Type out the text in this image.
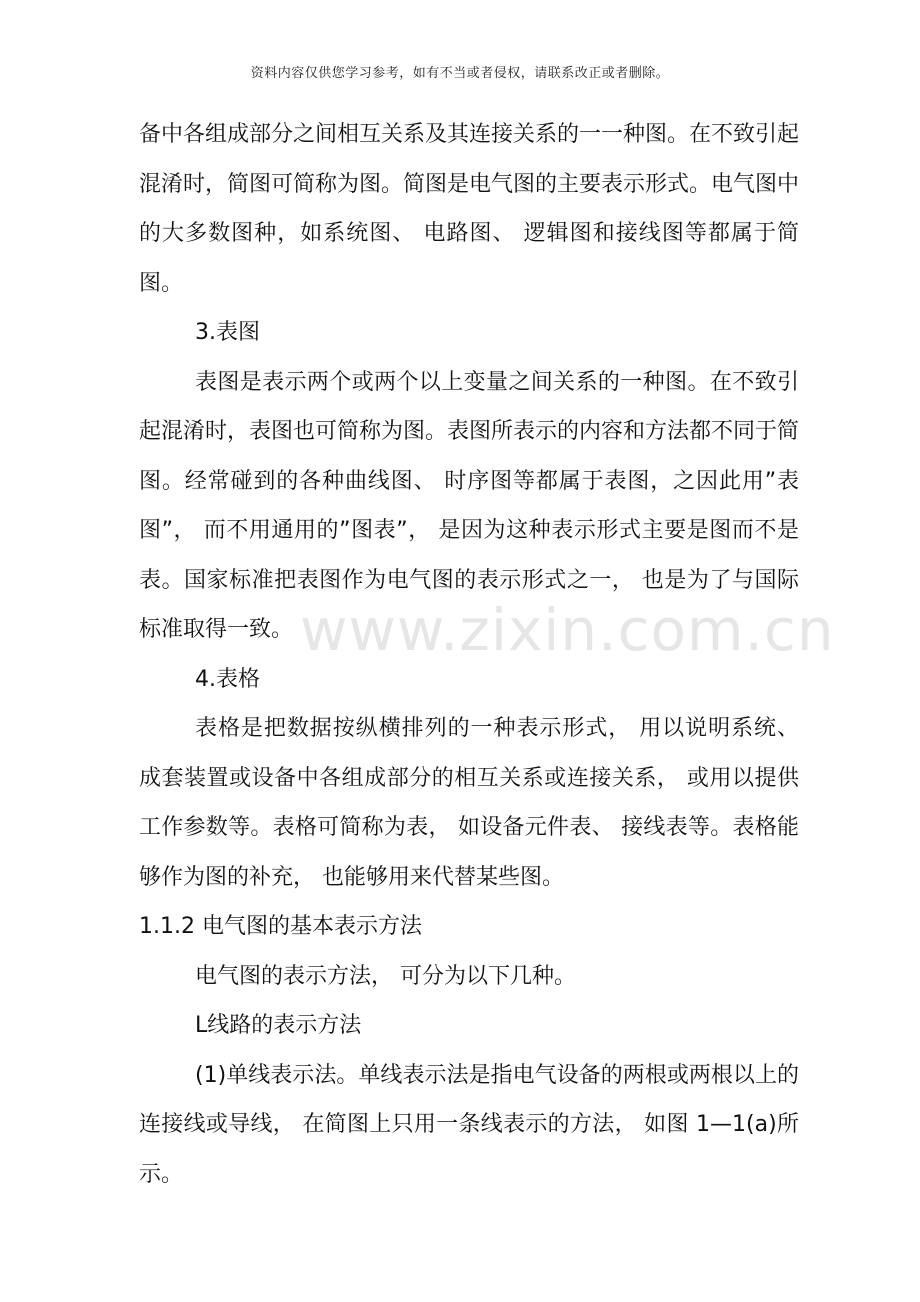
资料内容仅供您学习参考，如有不当或者侵权，请联系改正或者删除。

备中各组成部分之间相互关系及其连接关系的一一种图。在不致引起混淆时，简图可简称为图。简图是电气图的主要表示形式。电气图中的大多数图种，如系统图、 电路图、 逻辑图和接线图等都属于简图。

3.表图

表图是表示两个或两个以上变量之间关系的一种图。在不致引起混淆时，表图也可简称为图。表图所表示的内容和方法都不同于简图。经常碰到的各种曲线图、 时序图等都属于表图，之因此用”表图”， 而不用通用的”图表”， 是因为这种表示形式主要是图而不是表。国家标准把表图作为电气图的表示形式之一， 也是为了与国际标准取得一致。

4.表格

表格是把数据按纵横排列的一种表示形式， 用以说明系统、 成套装置或设备中各组成部分的相互关系或连接关系， 或用以提供工作参数等。表格可简称为表， 如设备元件表、 接线表等。表格能够作为图的补充， 也能够用来代替某些图。

1.1.2 电气图的基本表示方法

电气图的表示方法， 可分为以下几种。

L线路的表示方法

(1)单线表示法。单线表示法是指电气设备的两根或两根以上的连接线或导线， 在简图上只用一条线表示的方法， 如图 1—1(a)所示。

www.zixin.com.cn
